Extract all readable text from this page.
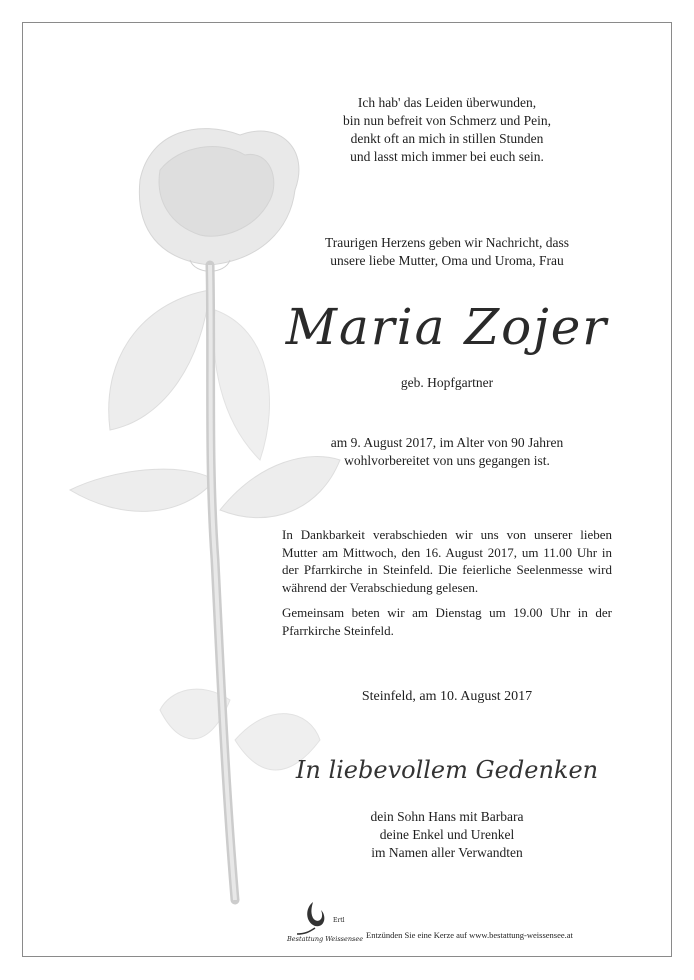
Ich hab' das Leiden überwunden,

bin nun befreit von Schmerz und Pein,

denkt oft an mich in stillen Stunden

und lasst mich immer bei euch sein.

Traurigen Herzens geben wir Nachricht, dass

unsere liebe Mutter, Oma und Uroma, Frau

Maria Zojer
geb. Hopfgartner

am 9. August 2017, im Alter von 90 Jahren

wohlvorbereitet von uns gegangen ist.

In Dankbarkeit verabschieden wir uns von unserer lieben Mutter am Mittwoch, den 16. August 2017, um 11.00 Uhr in der Pfarrkirche in Steinfeld. Die feierliche Seelenmesse wird während der Verabschiedung gelesen.
Gemeinsam beten wir am Dienstag um 19.00 Uhr in der Pfarrkirche Steinfeld.
Steinfeld, am 10. August 2017
In liebevollem Gedenken

dein Sohn Hans mit Barbara

deine Enkel und Urenkel

im Namen aller Verwandten

Bestattung Weissensee
Ertl
Entzünden Sie eine Kerze auf www.bestattung-weissensee.at
